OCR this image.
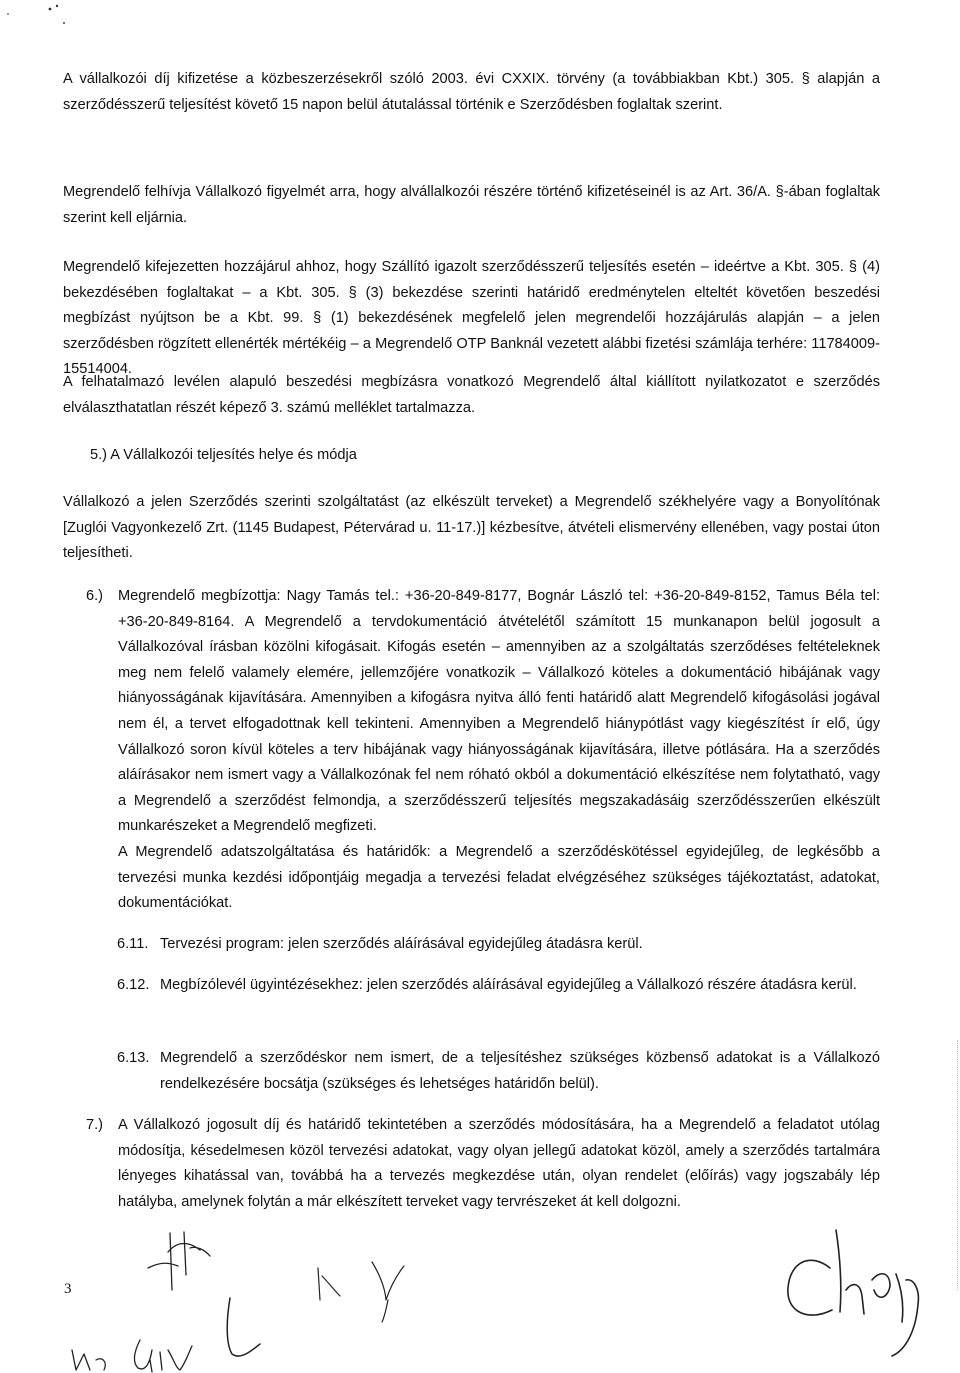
A vállalkozói díj kifizetése a közbeszerzésekről szóló 2003. évi CXXIX. törvény (a továbbiakban Kbt.) 305. § alapján a szerződésszerű teljesítést követő 15 napon belül átutalással történik e Szerződésben foglaltak szerint.
Megrendelő felhívja Vállalkozó figyelmét arra, hogy alvállalkozói részére történő kifizetéseinél is az Art. 36/A. §-ában foglaltak szerint kell eljárnia.
Megrendelő kifejezetten hozzájárul ahhoz, hogy Szállító igazolt szerződésszerű teljesítés esetén – ideértve a Kbt. 305. § (4) bekezdésében foglaltakat – a Kbt. 305. § (3) bekezdése szerinti határidő eredménytelen elteltét követően beszedési megbízást nyújtson be a Kbt. 99. § (1) bekezdésének megfelelő jelen megrendelői hozzájárulás alapján – a jelen szerződésben rögzített ellenérték mértékéig – a Megrendelő OTP Banknál vezetett alábbi fizetési számlája terhére: 11784009-15514004.
A felhatalmazó levélen alapuló beszedési megbízásra vonatkozó Megrendelő által kiállított nyilatkozatot e szerződés elválaszthatatlan részét képező 3. számú melléklet tartalmazza.
5.) A Vállalkozói teljesítés helye és módja
Vállalkozó a jelen Szerződés szerinti szolgáltatást (az elkészült terveket) a Megrendelő székhelyére vagy a Bonyolítónak [Zuglói Vagyonkezelő Zrt. (1145 Budapest, Pétervárad u. 11-17.)] kézbesítve, átvételi elismervény ellenében, vagy postai úton teljesítheti.
6.) Megrendelő megbízottja: Nagy Tamás tel.: +36-20-849-8177, Bognár László tel: +36-20-849-8152, Tamus Béla tel: +36-20-849-8164. A Megrendelő a tervdokumentáció átvételétől számított 15 munkanapon belül jogosult a Vállalkozóval írásban közölni kifogásait. Kifogás esetén – amennyiben az a szolgáltatás szerződéses feltételeknek meg nem felelő valamely elemére, jellemzőjére vonatkozik – Vállalkozó köteles a dokumentáció hibájának vagy hiányosságának kijavítására. Amennyiben a kifogásra nyitva álló fenti határidő alatt Megrendelő kifogásolási jogával nem él, a tervet elfogadottnak kell tekinteni. Amennyiben a Megrendelő hiánypótlást vagy kiegészítést ír elő, úgy Vállalkozó soron kívül köteles a terv hibájának vagy hiányosságának kijavítására, illetve pótlására. Ha a szerződés aláírásakor nem ismert vagy a Vállalkozónak fel nem róható okból a dokumentáció elkészítése nem folytatható, vagy a Megrendelő a szerződést felmondja, a szerződésszerű teljesítés megszakadásáig szerződésszerűen elkészült munkarészeket a Megrendelő megfizeti.
A Megrendelő adatszolgáltatása és határidők: a Megrendelő a szerződéskötéssel egyidejűleg, de legkésőbb a tervezési munka kezdési időpontjáig megadja a tervezési feladat elvégzéséhez szükséges tájékoztatást, adatokat, dokumentációkat.
6.11. Tervezési program: jelen szerződés aláírásával egyidejűleg átadásra kerül.
6.12. Megbízólevél ügyintézésekhez: jelen szerződés aláírásával egyidejűleg a Vállalkozó részére átadásra kerül.
6.13. Megrendelő a szerződéskor nem ismert, de a teljesítéshez szükséges közbenső adatokat is a Vállalkozó rendelkezésére bocsátja (szükséges és lehetséges határidőn belül).
7.) A Vállalkozó jogosult díj és határidő tekintetében a szerződés módosítására, ha a Megrendelő a feladatot utólag módosítja, késedelmesen közöl tervezési adatokat, vagy olyan jellegű adatokat közöl, amely a szerződés tartalmára lényeges kihatással van, továbbá ha a tervezés megkezdése után, olyan rendelet (előírás) vagy jogszabály lép hatályba, amelynek folytán a már elkészített terveket vagy tervrészeket át kell dolgozni.
3
